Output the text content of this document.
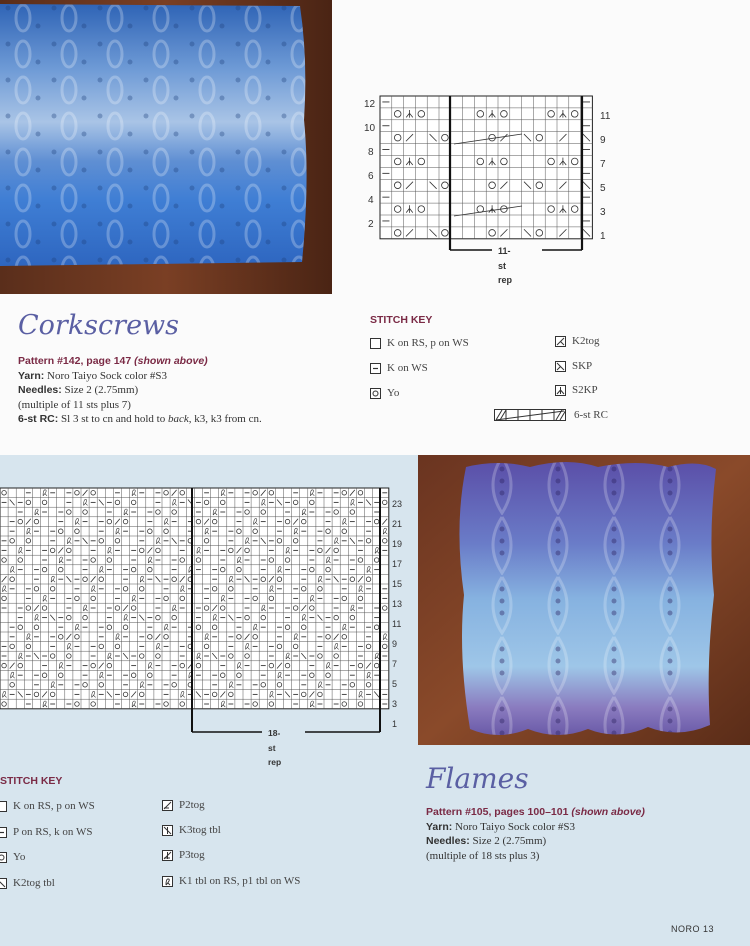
12
10
8
6
4
2
11
9
7
5
3
1
11-st rep
Corkscrews
Pattern #142, page 147 (shown above)
Yarn: Noro Taiyo Sock color #S3
Needles: Size 2 (2.75mm)
(multiple of 11 sts plus 7)
6-st RC: Sl 3 st to cn and hold to back, k3, k3 from cn.
STITCH KEY
K on RS, p on WS
K on WS
Yo
K2tog
SKP
S2KP
6-st RC
23
21
19
17
15
13
11
9
7
5
3
1
18-st rep
STITCH KEY
K on RS, p on WS
P on RS, k on WS
Yo
K2tog tbl
P2tog
K3tog tbl
P3tog
K1 tbl on RS, p1 tbl on WS
Flames
Pattern #105, pages 100–101 (shown above)
Yarn: Noro Taiyo Sock color #S3
Needles: Size 2 (2.75mm)
(multiple of 18 sts plus 3)
NORO 13
